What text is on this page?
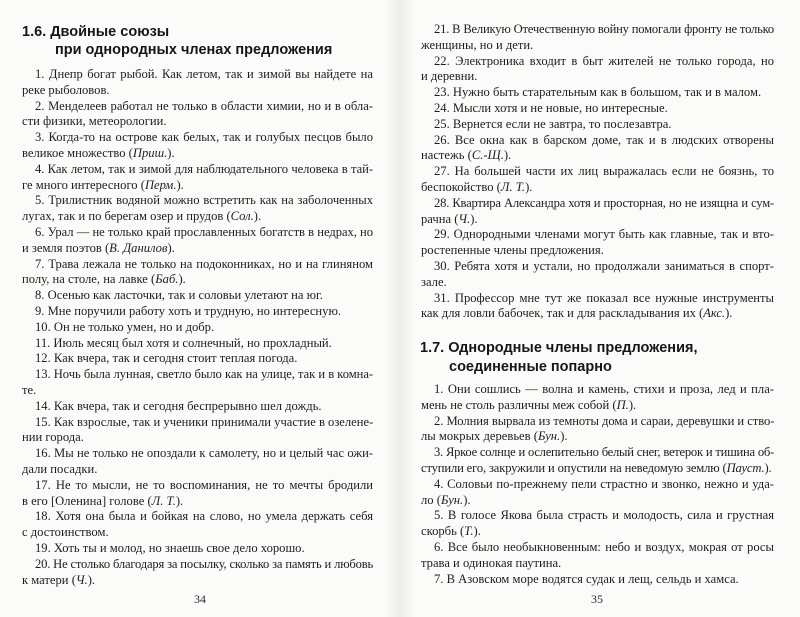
1.6. Двойные союзы
при однородных членах предложения
1. Днепр богат рыбой. Как летом, так и зимой вы найдете на
реке рыболовов.
2. Менделеев работал не только в области химии, но и в обла-
сти физики, метеорологии.
3. Когда-то на острове как белых, так и голубых песцов было
великое множество (Приш.).
4. Как летом, так и зимой для наблюдательного человека в тай-
ге много интересного (Перм.).
5. Трилистник водяной можно встретить как на заболоченных
лугах, так и по берегам озер и прудов (Сол.).
6. Урал — не только край прославленных богатств в недрах, но
и земля поэтов (В. Данилов).
7. Трава лежала не только на подоконниках, но и на глиняном
полу, на столе, на лавке (Баб.).
8. Осенью как ласточки, так и соловьи улетают на юг.
9. Мне поручили работу хоть и трудную, но интересную.
10. Он не только умен, но и добр.
11. Июль месяц был хотя и солнечный, но прохладный.
12. Как вчера, так и сегодня стоит теплая погода.
13. Ночь была лунная, светло было как на улице, так и в комна-
те.
14. Как вчера, так и сегодня беспрерывно шел дождь.
15. Как взрослые, так и ученики принимали участие в озелене-
нии города.
16. Мы не только не опоздали к самолету, но и целый час ожи-
дали посадки.
17. Не то мысли, не то воспоминания, не то мечты бродили
в его [Оленина] голове (Л. Т.).
18. Хотя она была и бойкая на слово, но умела держать себя
с достоинством.
19. Хоть ты и молод, но знаешь свое дело хорошо.
20. Не столько благодаря за посылку, сколько за память и любовь
к матери (Ч.).
34
21. В Великую Отечественную войну помогали фронту не только
женщины, но и дети.
22. Электроника входит в быт жителей не только города, но
и деревни.
23. Нужно быть старательным как в большом, так и в малом.
24. Мысли хотя и не новые, но интересные.
25. Вернется если не завтра, то послезавтра.
26. Все окна как в барском доме, так и в людских отворены
настежь (С.-Щ.).
27. На большей части их лиц выражалась если не боязнь, то
беспокойство (Л. Т.).
28. Квартира Александра хотя и просторная, но не изящна и сум-
рачна (Ч.).
29. Однородными членами могут быть как главные, так и вто-
ростепенные члены предложения.
30. Ребята хотя и устали, но продолжали заниматься в спорт-
зале.
31. Профессор мне тут же показал все нужные инструменты
как для ловли бабочек, так и для раскладывания их (Акс.).
1.7. Однородные члены предложения,
соединенные попарно
1. Они сошлись — волна и камень, стихи и проза, лед и пла-
мень не столь различны меж собой (П.).
2. Молния вырвала из темноты дома и сараи, деревушки и ство-
лы мокрых деревьев (Бун.).
3. Яркое солнце и ослепительно белый снег, ветерок и тишина об-
ступили его, закружили и опустили на неведомую землю (Пауст.).
4. Соловьи по-прежнему пели страстно и звонко, нежно и уда-
ло (Бун.).
5. В голосе Якова была страсть и молодость, сила и грустная
скорбь (Т.).
6. Все было необыкновенным: небо и воздух, мокрая от росы
трава и одинокая паутина.
7. В Азовском море водятся судак и лещ, сельдь и хамса.
35
